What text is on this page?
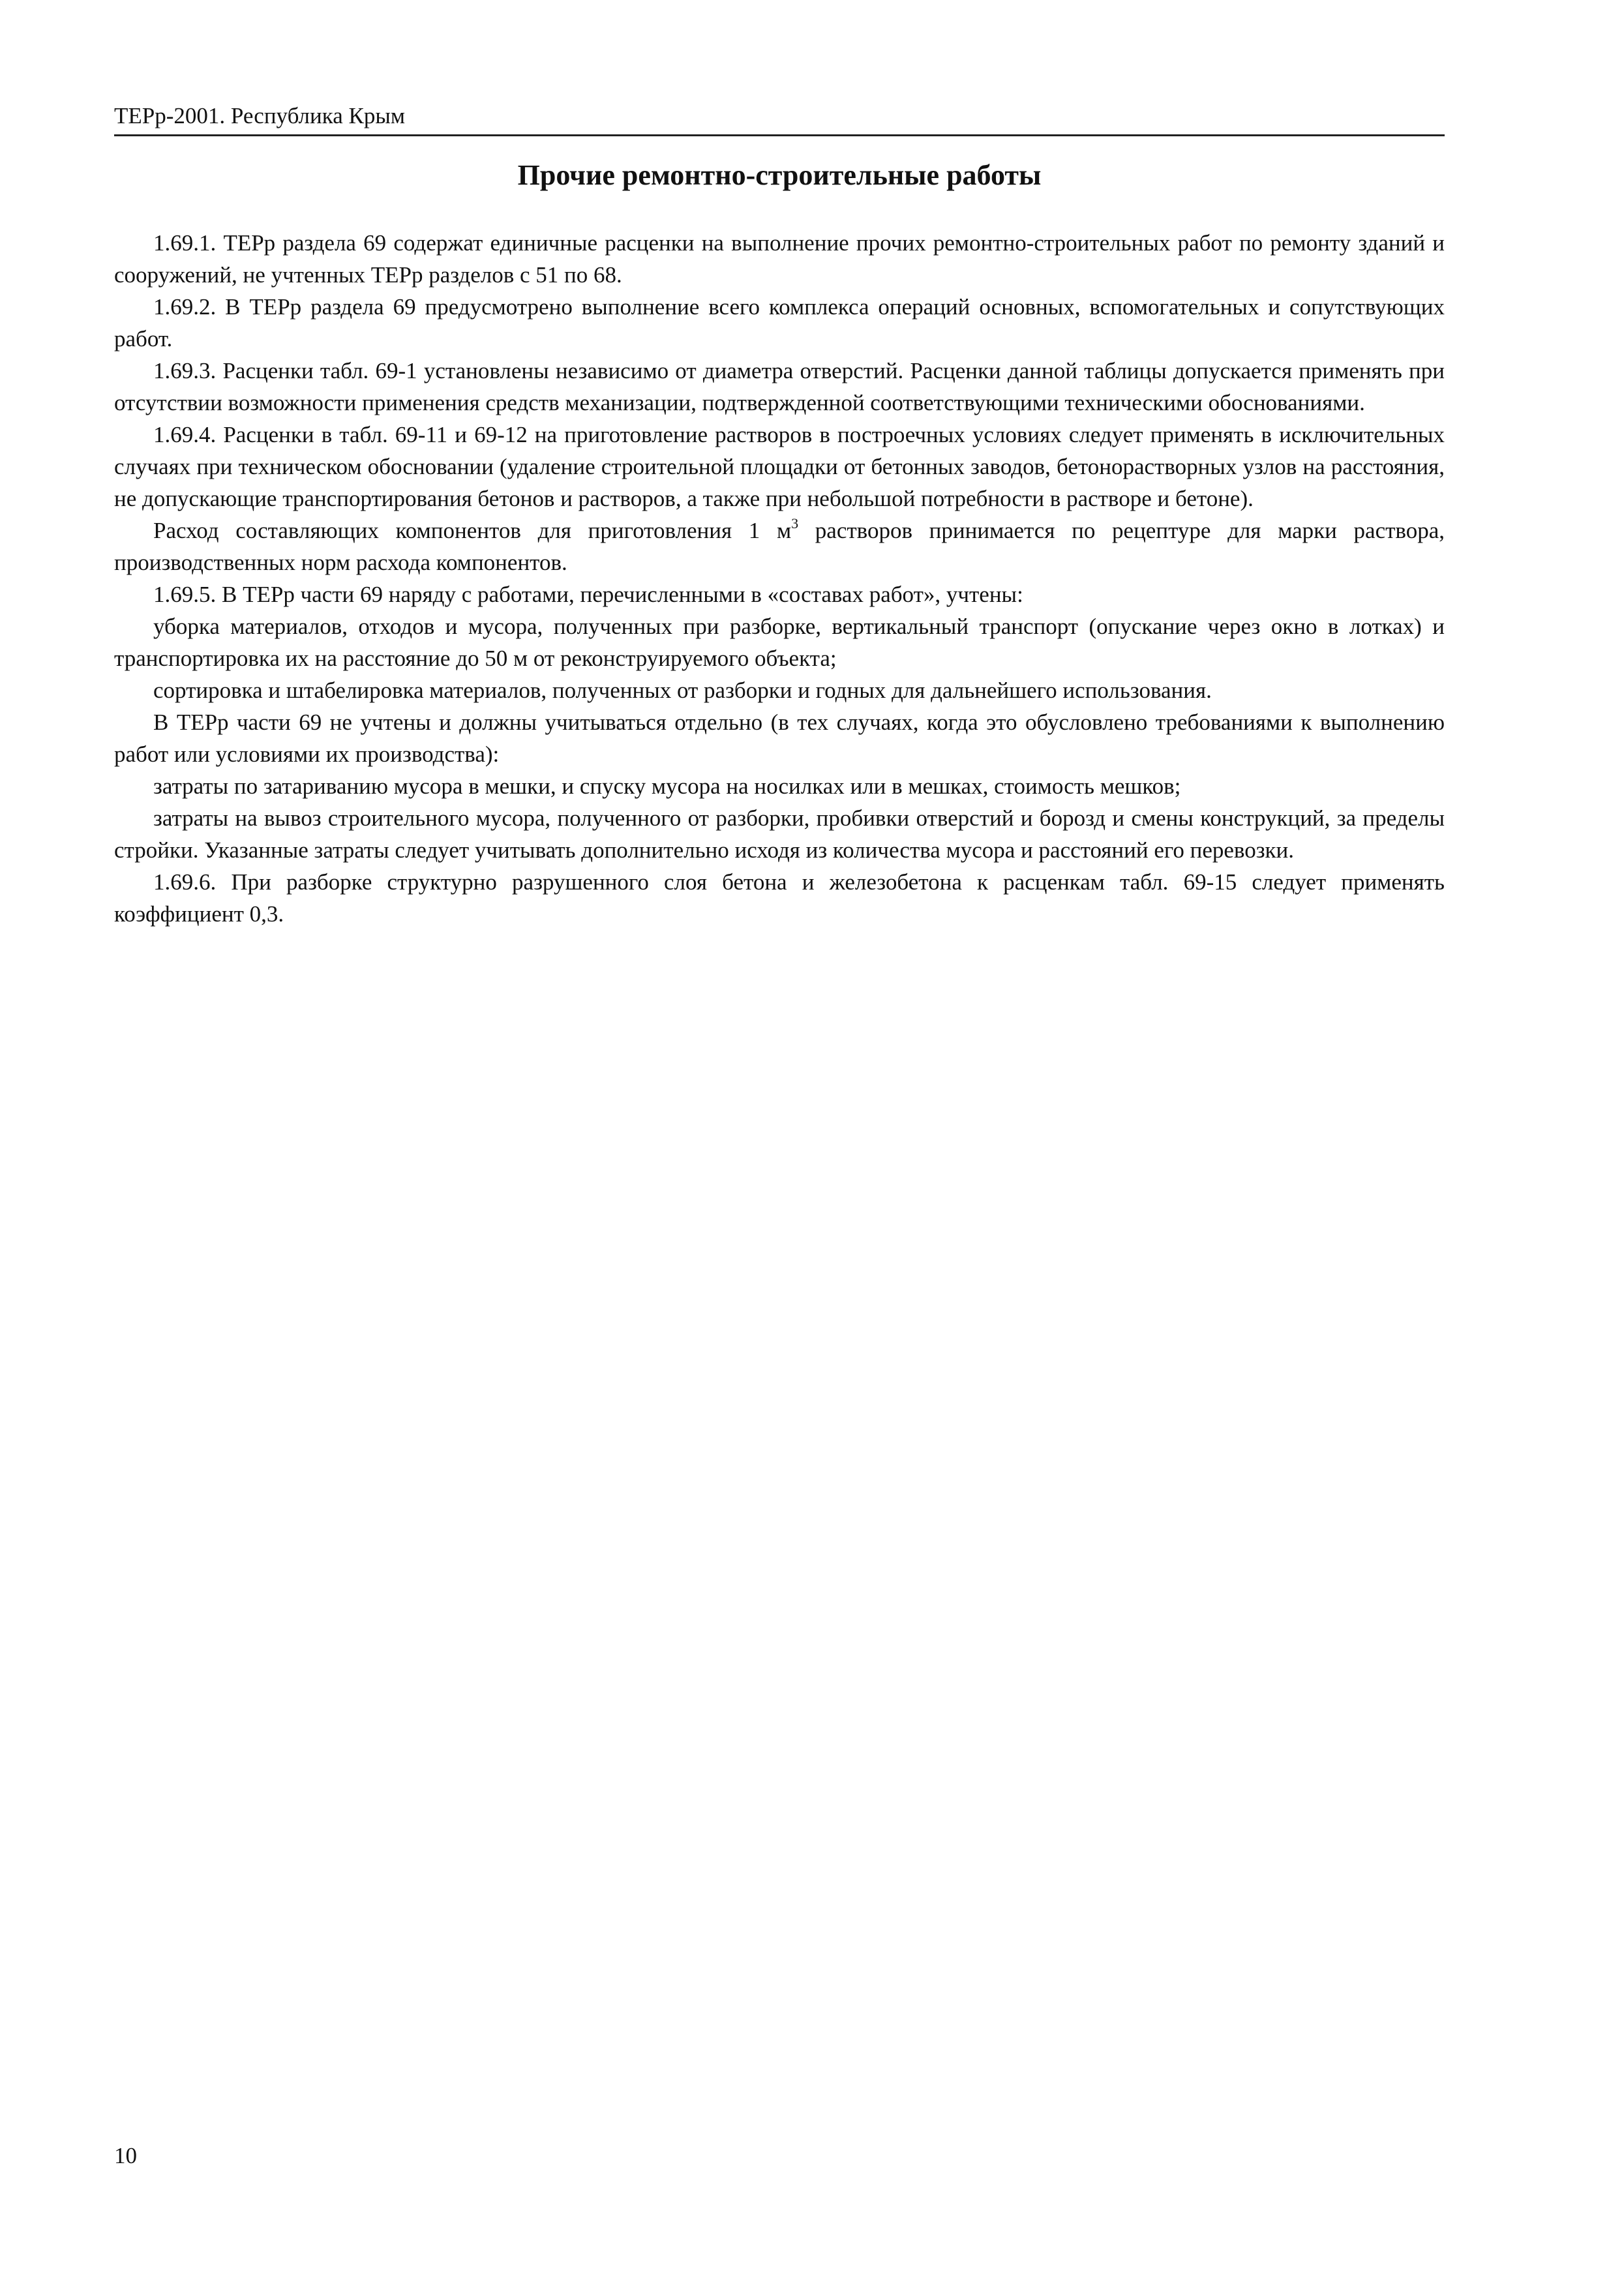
ТЕРр-2001. Республика Крым
Прочие ремонтно-строительные работы

1.69.1. ТЕРр раздела 69 содержат единичные расценки на выполнение прочих ремонтно-строительных работ по ремонту зданий и сооружений, не учтенных ТЕРр разделов с 51 по 68.

1.69.2. В ТЕРр раздела 69 предусмотрено выполнение всего комплекса операций основных, вспомогательных и сопутствующих работ.

1.69.3. Расценки табл. 69-1 установлены независимо от диаметра отверстий. Расценки данной таблицы допускается применять при отсутствии возможности применения средств механизации, подтвержденной соответствующими техническими обоснованиями.

1.69.4. Расценки в табл. 69-11 и 69-12 на приготовление растворов в построечных условиях следует применять в исключительных случаях при техническом обосновании (удаление строительной площадки от бетонных заводов, бетонорастворных узлов на расстояния, не допускающие транспортирования бетонов и растворов, а также при небольшой потребности в растворе и бетоне).

Расход составляющих компонентов для приготовления 1 $м^3$ растворов принимается по рецептуре для марки раствора, производственных норм расхода компонентов.

1.69.5. В ТЕРр части 69 наряду с работами, перечисленными в «составах работ», учтены:

уборка материалов, отходов и мусора, полученных при разборке, вертикальный транспорт (опускание через окно в лотках) и транспортировка их на расстояние до 50 м от реконструируемого объекта;

сортировка и штабелировка материалов, полученных от разборки и годных для дальнейшего использования.

В ТЕРр части 69 не учтены и должны учитываться отдельно (в тех случаях, когда это обусловлено требованиями к выполнению работ или условиями их производства):

затраты по затариванию мусора в мешки, и спуску мусора на носилках или в мешках, стоимость мешков;

затраты на вывоз строительного мусора, полученного от разборки, пробивки отверстий и борозд и смены конструкций, за пределы стройки. Указанные затраты следует учитывать дополнительно исходя из количества мусора и расстояний его перевозки.

1.69.6. При разборке структурно разрушенного слоя бетона и железобетона к расценкам табл. 69-15 следует применять коэффициент 0,3.

10
